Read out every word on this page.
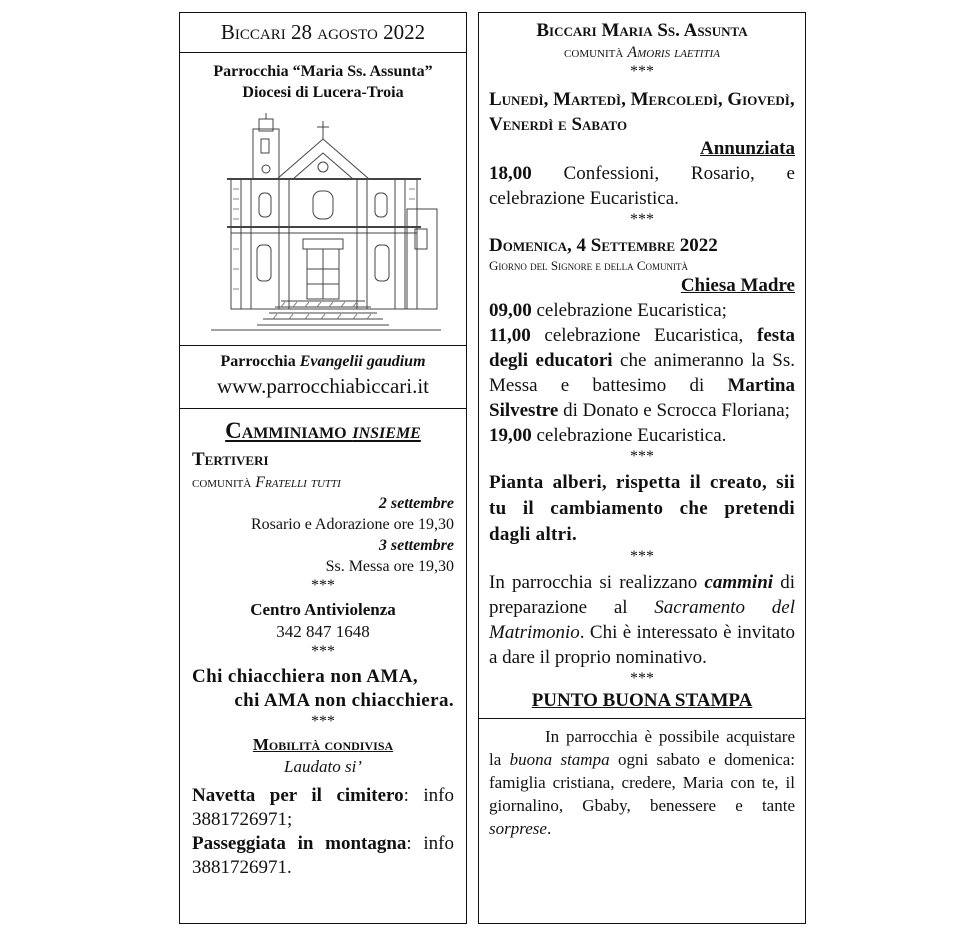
Biccari 28 agosto 2022
Parrocchia “Maria Ss. Assunta”
Diocesi di Lucera-Troia
Parrocchia Evangelii gaudium
www.parrocchiabiccari.it
Camminiamo insieme
Tertiveri
comunità Fratelli tutti
2 settembre
Rosario e Adorazione ore 19,30
3 settembre
Ss. Messa ore 19,30
***
Centro Antiviolenza
342 847 1648
***
Chi chiacchiera non AMA,
chi AMA non chiacchiera.
***
Mobilità condivisa
Laudato si’
Navetta per il cimitero: info 3881726971;
Passeggiata in montagna: info 3881726971.
Biccari Maria Ss. Assunta
comunità Amoris laetitia
***
Lunedì, Martedì, Mercoledì, Giovedì, Venerdì e Sabato
Annunziata
18,00 Confessioni, Rosario, e celebrazione Eucaristica.
***
Domenica, 4 Settembre 2022
Giorno del Signore e della Comunità
Chiesa Madre
09,00 celebrazione Eucaristica;
11,00 celebrazione Eucaristica, festa degli educatori che animeranno la Ss. Messa e battesimo di Martina Silvestre di Donato e Scrocca Floriana;
19,00 celebrazione Eucaristica.
***
Pianta alberi, rispetta il creato, sii tu il cambiamento che pretendi dagli altri.
***
In parrocchia si realizzano cammini di preparazione al Sacramento del Matrimonio. Chi è interessato è invitato a dare il proprio nominativo.
***
PUNTO BUONA STAMPA
In parrocchia è possibile acquistare la buona stampa ogni sabato e domenica: famiglia cristiana, credere, Maria con te, il giornalino, Gbaby, benessere e tante sorprese.
